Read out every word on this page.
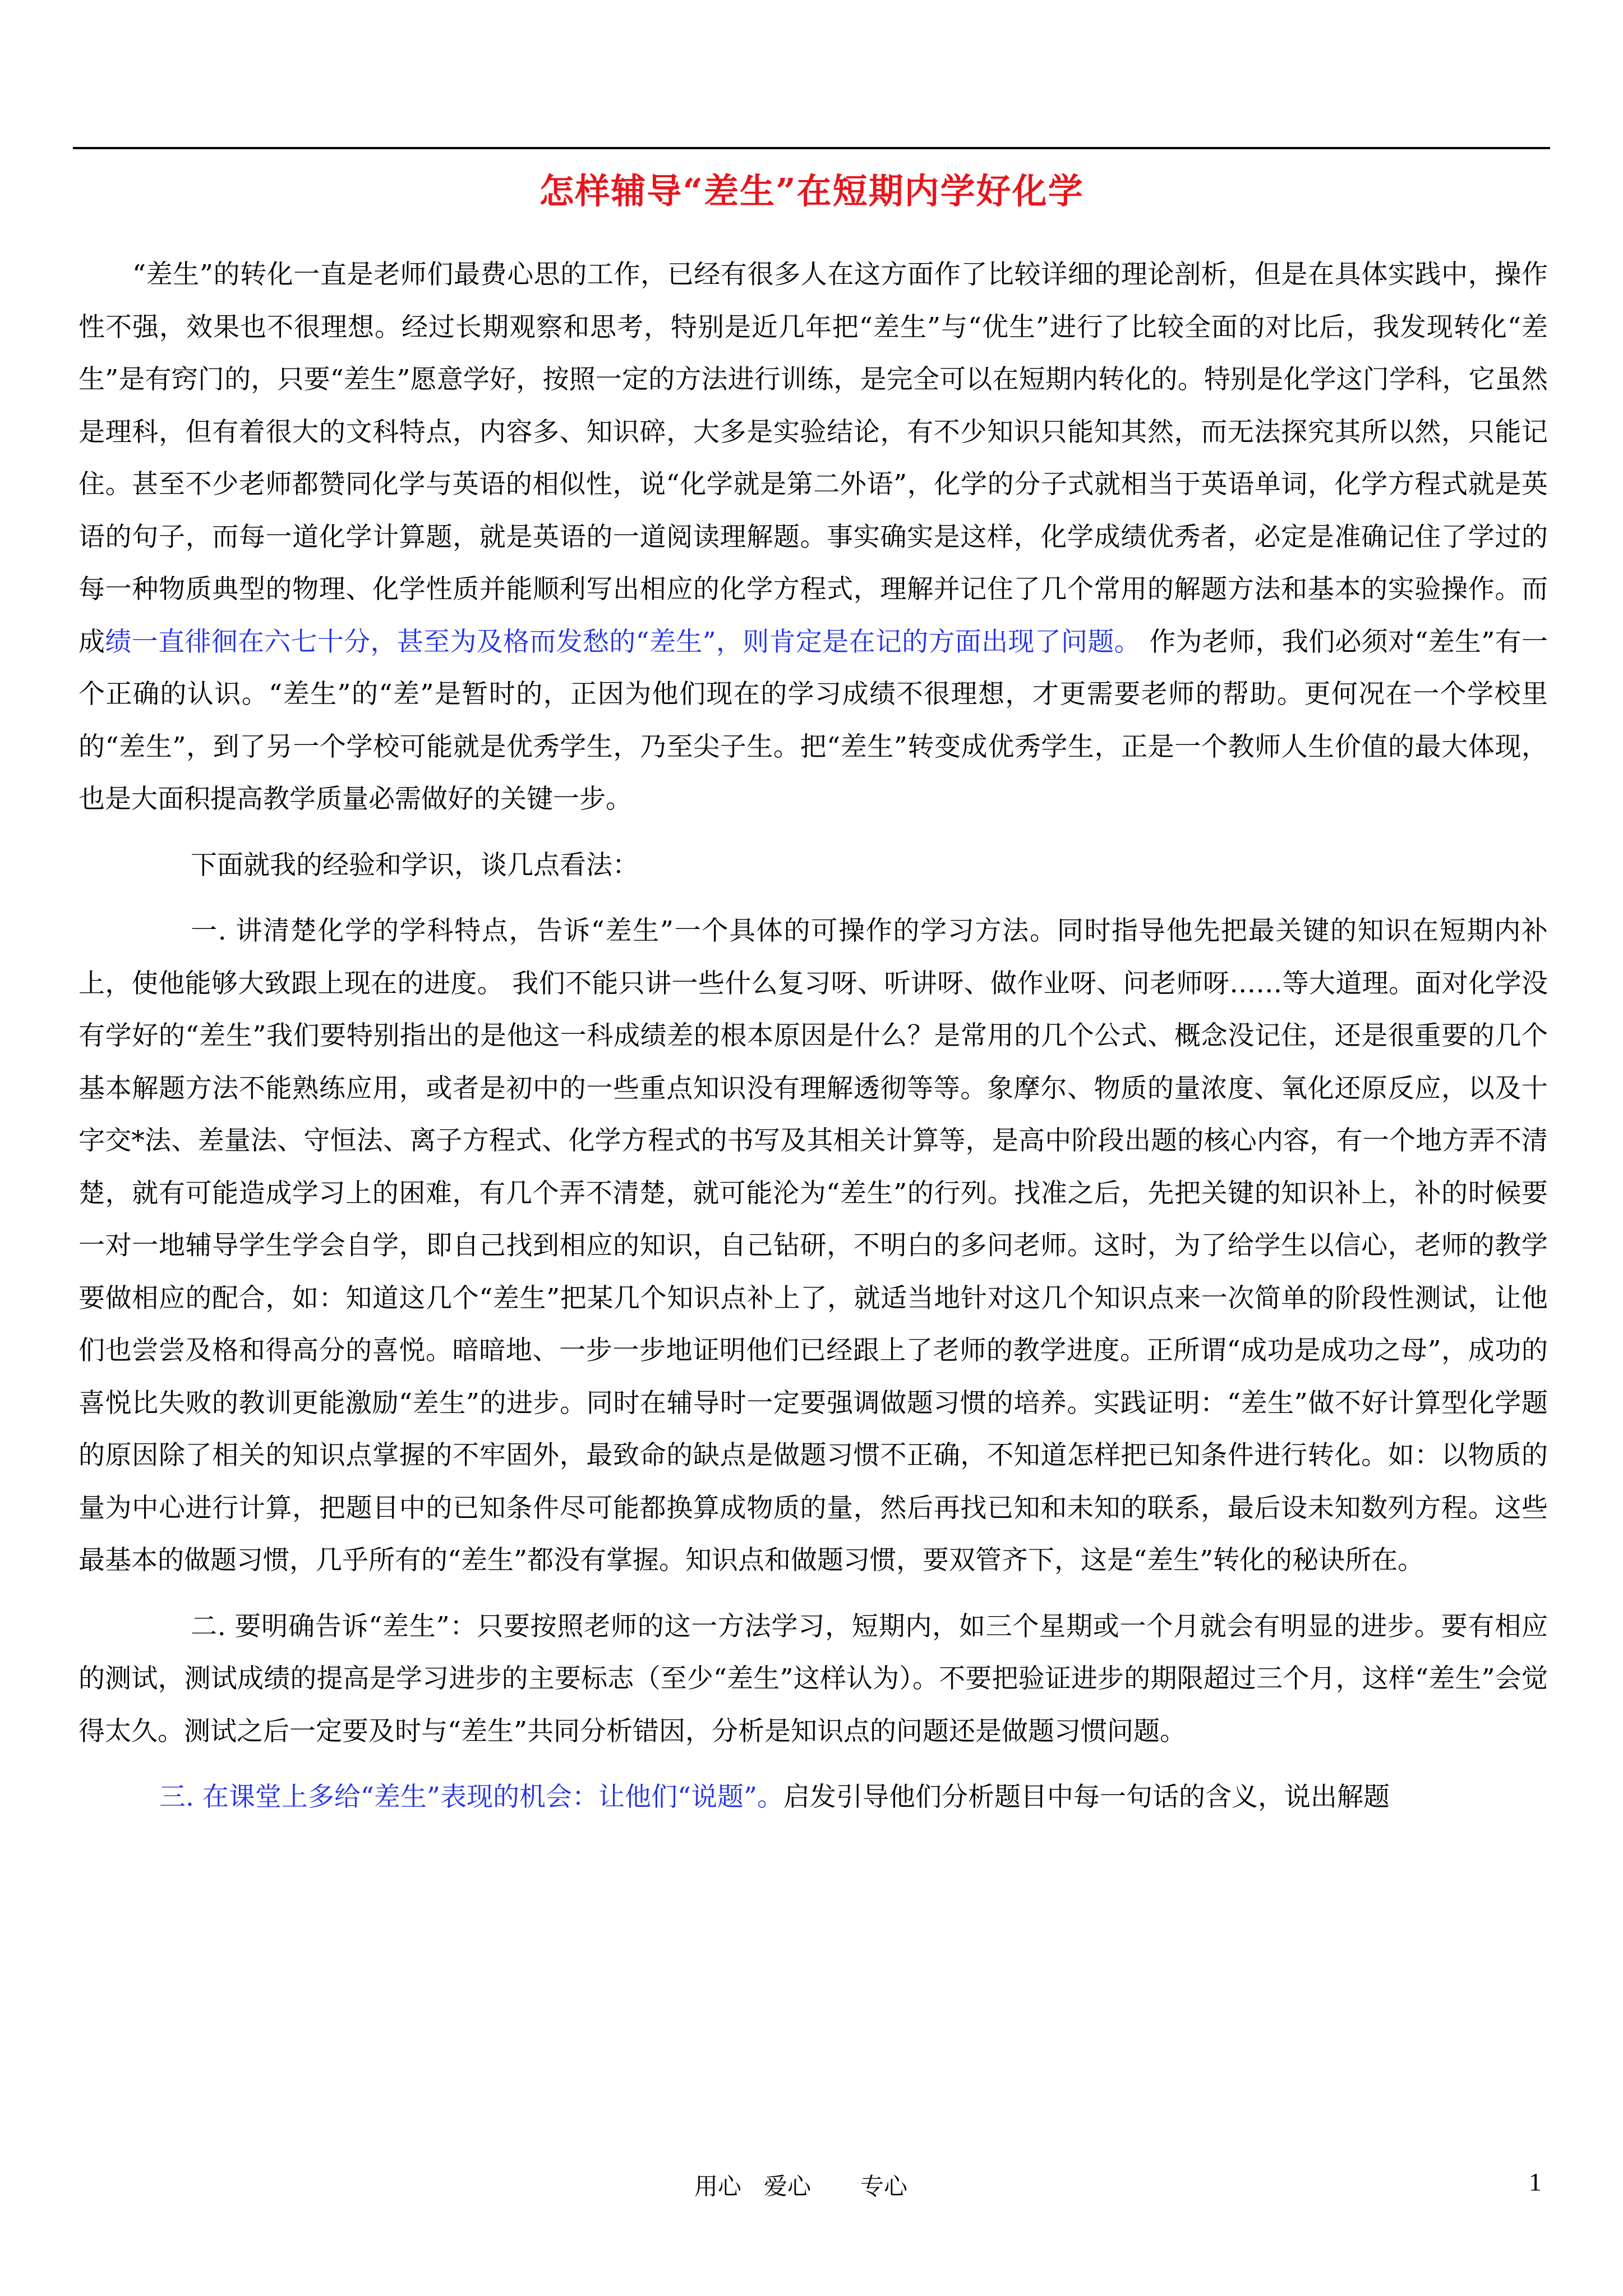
怎样辅导“差生”在短期内学好化学

“差生”的转化一直是老师们最费心思的工作，已经有很多人在这方面作了比较详细的理论剖析，但是在具体实践中，操作性不强，效果也不很理想。经过长期观察和思考，特别是近几年把“差生”与“优生”进行了比较全面的对比后，我发现转化“差生”是有窍门的，只要“差生”愿意学好，按照一定的方法进行训练，是完全可以在短期内转化的。特别是化学这门学科，它虽然是理科，但有着很大的文科特点，内容多、知识碎，大多是实验结论，有不少知识只能知其然，而无法探究其所以然，只能记住。甚至不少老师都赞同化学与英语的相似性，说“化学就是第二外语”，化学的分子式就相当于英语单词，化学方程式就是英语的句子，而每一道化学计算题，就是英语的一道阅读理解题。事实确实是这样，化学成绩优秀者，必定是准确记住了学过的每一种物质典型的物理、化学性质并能顺利写出相应的化学方程式，理解并记住了几个常用的解题方法和基本的实验操作。而成绩一直徘徊在六七十分，甚至为及格而发愁的“差生”，则肯定是在记的方面出现了问题。 作为老师，我们必须对“差生”有一个正确的认识。“差生”的“差”是暂时的，正因为他们现在的学习成绩不很理想，才更需要老师的帮助。更何况在一个学校里的“差生”，到了另一个学校可能就是优秀学生，乃至尖子生。把“差生”转变成优秀学生，正是一个教师人生价值的最大体现，也是大面积提高教学质量必需做好的关键一步。

下面就我的经验和学识，谈几点看法：

一. 讲清楚化学的学科特点，告诉“差生”一个具体的可操作的学习方法。同时指导他先把最关键的知识在短期内补上，使他能够大致跟上现在的进度。 我们不能只讲一些什么复习呀、听讲呀、做作业呀、问老师呀……等大道理。面对化学没有学好的“差生”我们要特别指出的是他这一科成绩差的根本原因是什么？是常用的几个公式、概念没记住，还是很重要的几个基本解题方法不能熟练应用，或者是初中的一些重点知识没有理解透彻等等。象摩尔、物质的量浓度、氧化还原反应，以及十字交*法、差量法、守恒法、离子方程式、化学方程式的书写及其相关计算等，是高中阶段出题的核心内容，有一个地方弄不清楚，就有可能造成学习上的困难，有几个弄不清楚，就可能沦为“差生”的行列。找准之后，先把关键的知识补上，补的时候要一对一地辅导学生学会自学，即自己找到相应的知识，自己钻研，不明白的多问老师。这时，为了给学生以信心，老师的教学要做相应的配合，如：知道这几个“差生”把某几个知识点补上了，就适当地针对这几个知识点来一次简单的阶段性测试，让他们也尝尝及格和得高分的喜悦。暗暗地、一步一步地证明他们已经跟上了老师的教学进度。正所谓“成功是成功之母”，成功的喜悦比失败的教训更能激励“差生”的进步。同时在辅导时一定要强调做题习惯的培养。实践证明：“差生”做不好计算型化学题的原因除了相关的知识点掌握的不牢固外，最致命的缺点是做题习惯不正确，不知道怎样把已知条件进行转化。如：以物质的量为中心进行计算，把题目中的已知条件尽可能都换算成物质的量，然后再找已知和未知的联系，最后设未知数列方程。这些最基本的做题习惯，几乎所有的“差生”都没有掌握。知识点和做题习惯，要双管齐下，这是“差生”转化的秘诀所在。

二. 要明确告诉“差生”：只要按照老师的这一方法学习，短期内，如三个星期或一个月就会有明显的进步。要有相应的测试，测试成绩的提高是学习进步的主要标志（至少“差生”这样认为）。不要把验证进步的期限超过三个月，这样“差生”会觉得太久。测试之后一定要及时与“差生”共同分析错因，分析是知识点的问题还是做题习惯问题。

三. 在课堂上多给“差生”表现的机会：让他们“说题”。启发引导他们分析题目中每一句话的含义，说出解题

用心 爱心 专心	1
